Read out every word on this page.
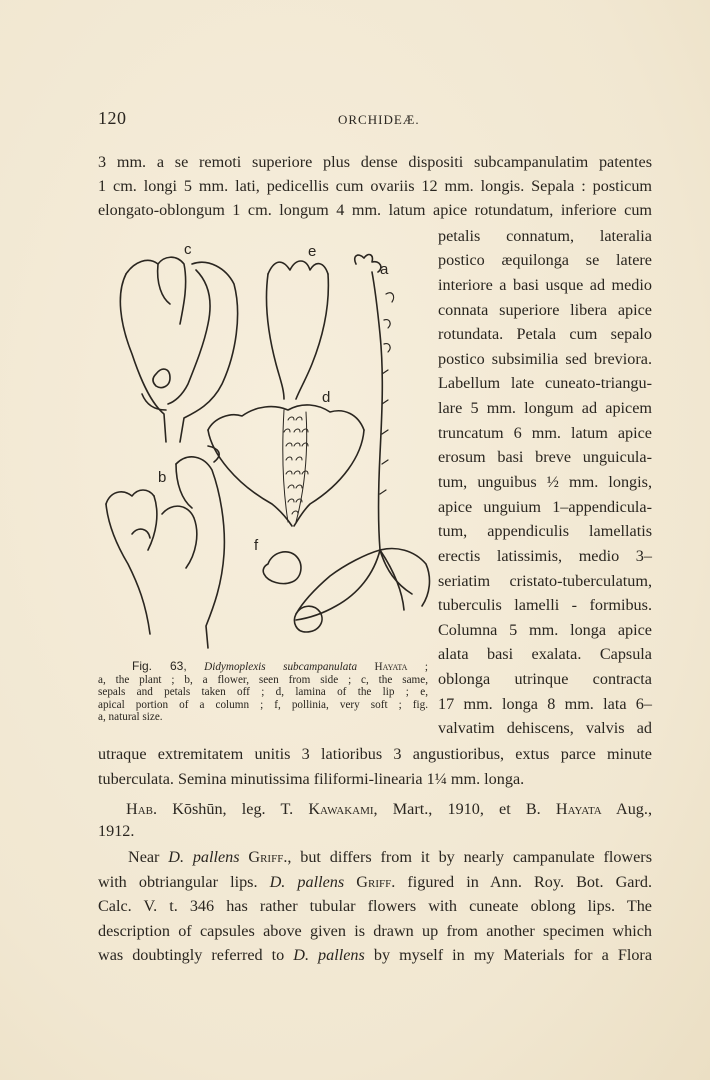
120	ORCHIDEÆ.
3 mm. a se remoti superiore plus dense dispositi subcampanulatim patentes
1 cm. longi 5 mm. lati, pedicellis cum ovariis 12 mm. longis. Sepala : posticum
elongato-oblongum 1 cm. longum 4 mm. latum apice rotundatum, inferiore cum
petalis connatum, lateralia
postico æquilonga se latere
interiore a basi usque ad medio
connata superiore libera apice
rotundata. Petala cum sepalo
postico subsimilia sed breviora.
Labellum late cuneato-triangu-
lare 5 mm. longum ad apicem
truncatum 6 mm. latum apice
erosum basi breve unguicula-
tum, unguibus ½ mm. longis,
apice unguium 1–appendicula-
tum, appendiculis lamellatis
erectis latissimis, medio 3–
seriatim cristato-tuberculatum,
tuberculis lamelli - formibus.
Columna 5 mm. longa apice
alata basi exalata. Capsula
oblonga utrinque contracta
17 mm. longa 8 mm. lata 6–
valvatim dehiscens, valvis ad
c	e
a
d
b
f
Fig. 63, Didymoplexis subcampanulata Hayata ;
a, the plant ; b, a flower, seen from side ; c, the same,
sepals and petals taken off ; d, lamina of the lip ; e,
apical portion of a column ; f, pollinia, very soft ; fig.
a, natural size.
utraque extremitatem unitis 3 latioribus 3 angustioribus, extus parce minute
tuberculata. Semina minutissima filiformi-linearia 1¼ mm. longa.
Hab. Kōshūn, leg. T. Kawakami, Mart., 1910, et B. Hayata Aug.,
1912.
Near D. pallens Griff., but differs from it by nearly campanulate flowers
with obtriangular lips. D. pallens Griff. figured in Ann. Roy. Bot. Gard.
Calc. V. t. 346 has rather tubular flowers with cuneate oblong lips. The
description of capsules above given is drawn up from another specimen which
was doubtingly referred to D. pallens by myself in my Materials for a Flora
